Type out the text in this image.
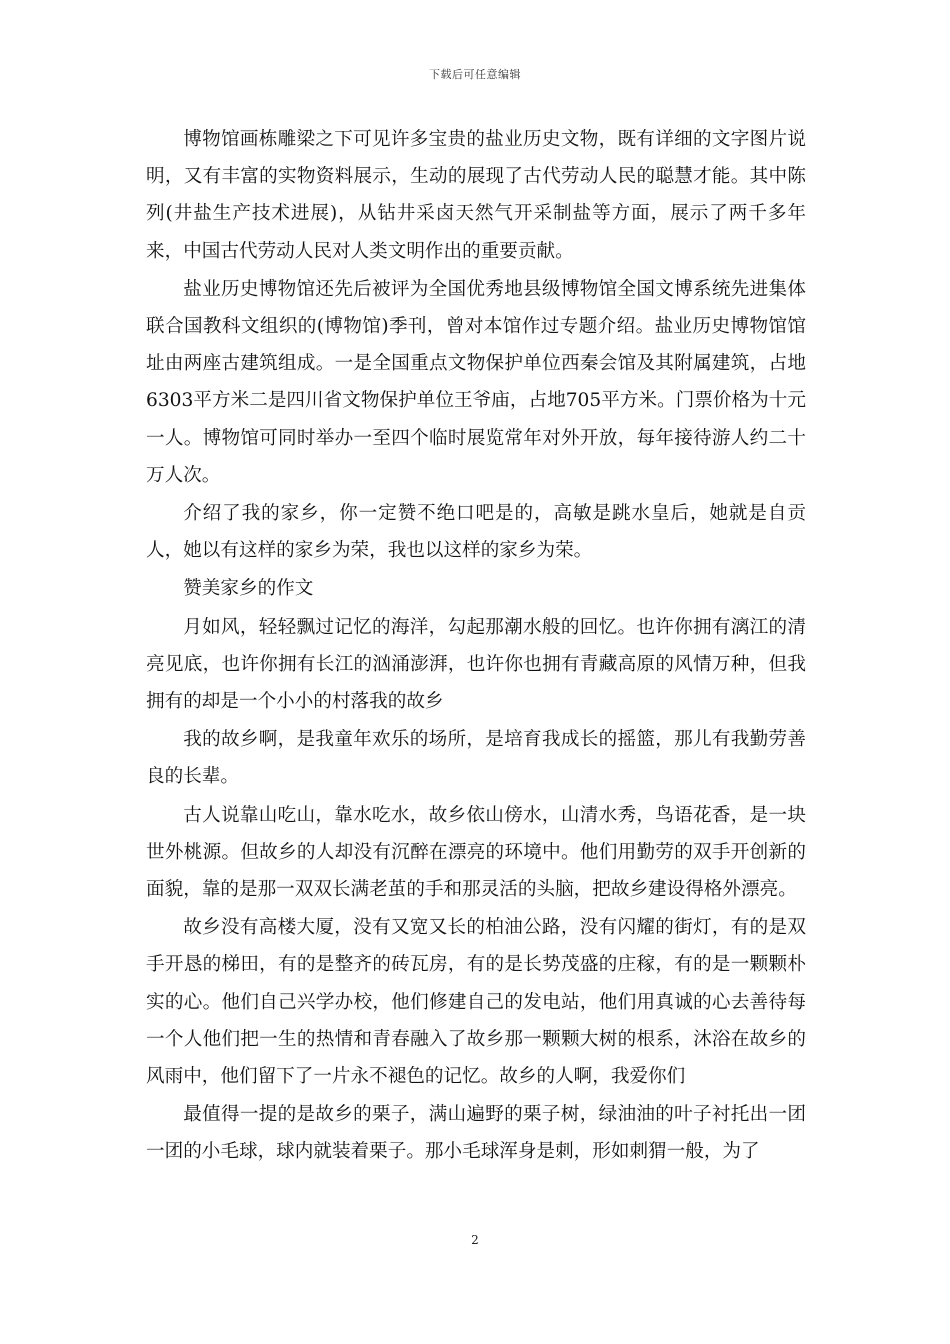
下载后可任意编辑

博物馆画栋雕梁之下可见许多宝贵的盐业历史文物，既有详细的文字图片说明，又有丰富的实物资料展示，生动的展现了古代劳动人民的聪慧才能。其中陈列(井盐生产技术进展)，从钻井采卤天然气开采制盐等方面，展示了两千多年来，中国古代劳动人民对人类文明作出的重要贡献。

盐业历史博物馆还先后被评为全国优秀地县级博物馆全国文博系统先进集体联合国教科文组织的(博物馆)季刊，曾对本馆作过专题介绍。盐业历史博物馆馆址由两座古建筑组成。一是全国重点文物保护单位西秦会馆及其附属建筑，占地6303平方米二是四川省文物保护单位王爷庙，占地705平方米。门票价格为十元一人。博物馆可同时举办一至四个临时展览常年对外开放，每年接待游人约二十万人次。

介绍了我的家乡，你一定赞不绝口吧是的，高敏是跳水皇后，她就是自贡人，她以有这样的家乡为荣，我也以这样的家乡为荣。

赞美家乡的作文

月如风，轻轻飘过记忆的海洋，勾起那潮水般的回忆。也许你拥有漓江的清亮见底，也许你拥有长江的汹涌澎湃，也许你也拥有青藏高原的风情万种，但我拥有的却是一个小小的村落我的故乡

我的故乡啊，是我童年欢乐的场所，是培育我成长的摇篮，那儿有我勤劳善良的长辈。

古人说靠山吃山，靠水吃水，故乡依山傍水，山清水秀，鸟语花香，是一块世外桃源。但故乡的人却没有沉醉在漂亮的环境中。他们用勤劳的双手开创新的面貌，靠的是那一双双长满老茧的手和那灵活的头脑，把故乡建设得格外漂亮。

故乡没有高楼大厦，没有又宽又长的柏油公路，没有闪耀的街灯，有的是双手开恳的梯田，有的是整齐的砖瓦房，有的是长势茂盛的庄稼，有的是一颗颗朴实的心。他们自己兴学办校，他们修建自己的发电站，他们用真诚的心去善待每一个人他们把一生的热情和青春融入了故乡那一颗颗大树的根系，沐浴在故乡的风雨中，他们留下了一片永不褪色的记忆。故乡的人啊，我爱你们

最值得一提的是故乡的栗子，满山遍野的栗子树，绿油油的叶子衬托出一团一团的小毛球，球内就装着栗子。那小毛球浑身是刺，形如刺猬一般，为了

2
